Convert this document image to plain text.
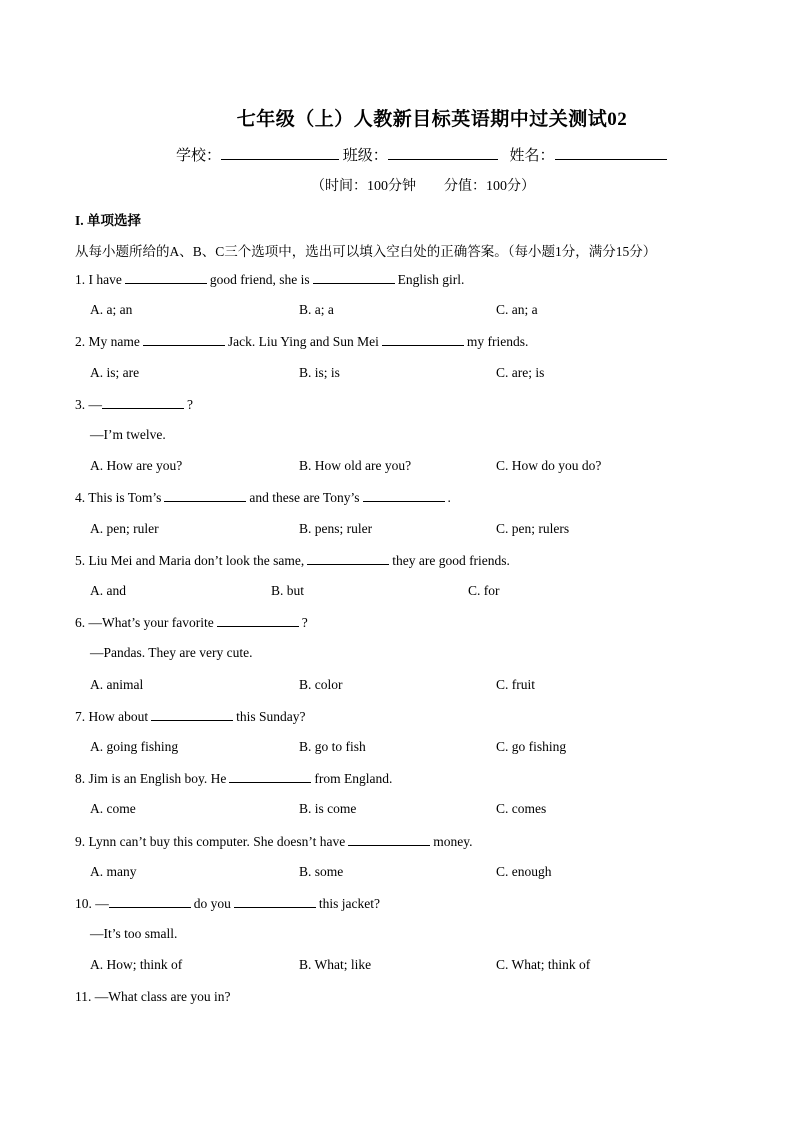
七年级（上）人教新目标英语期中过关测试02
学校：	班级：	姓名：
（时间：100分钟　　分值：100分）
I. 单项选择 从每小题所给的A、B、C三个选项中，选出可以填入空白处的正确答案。（每小题1分，满分15分）
1. I have	good friend, she is	English girl.
A. a; an	B. a; a	C. an; a
2. My name	Jack. Liu Ying and Sun Mei	my friends.
A. is; are	B. is; is	C. are; is
3. —	?
—I’m twelve.
A. How are you?	B. How old are you?	C. How do you do?
4. This is Tom’s	and these are Tony’s	.
A. pen; ruler	B. pens; ruler	C. pen; rulers
5. Liu Mei and Maria don’t look the same,	they are good friends.
A. and	B. but	C. for
6. —What’s your favorite	?
—Pandas. They are very cute.
A. animal	B. color	C. fruit
7. How about	this Sunday?
A. going fishing	B. go to fish	C. go fishing
8. Jim is an English boy. He	from England.
A. come	B. is come	C. comes
9. Lynn can’t buy this computer. She doesn’t have	money.
A. many	B. some	C. enough
10. —	do you	this jacket?
—It’s too small.
A. How; think of	B. What; like	C. What; think of
11. —What class are you in?
